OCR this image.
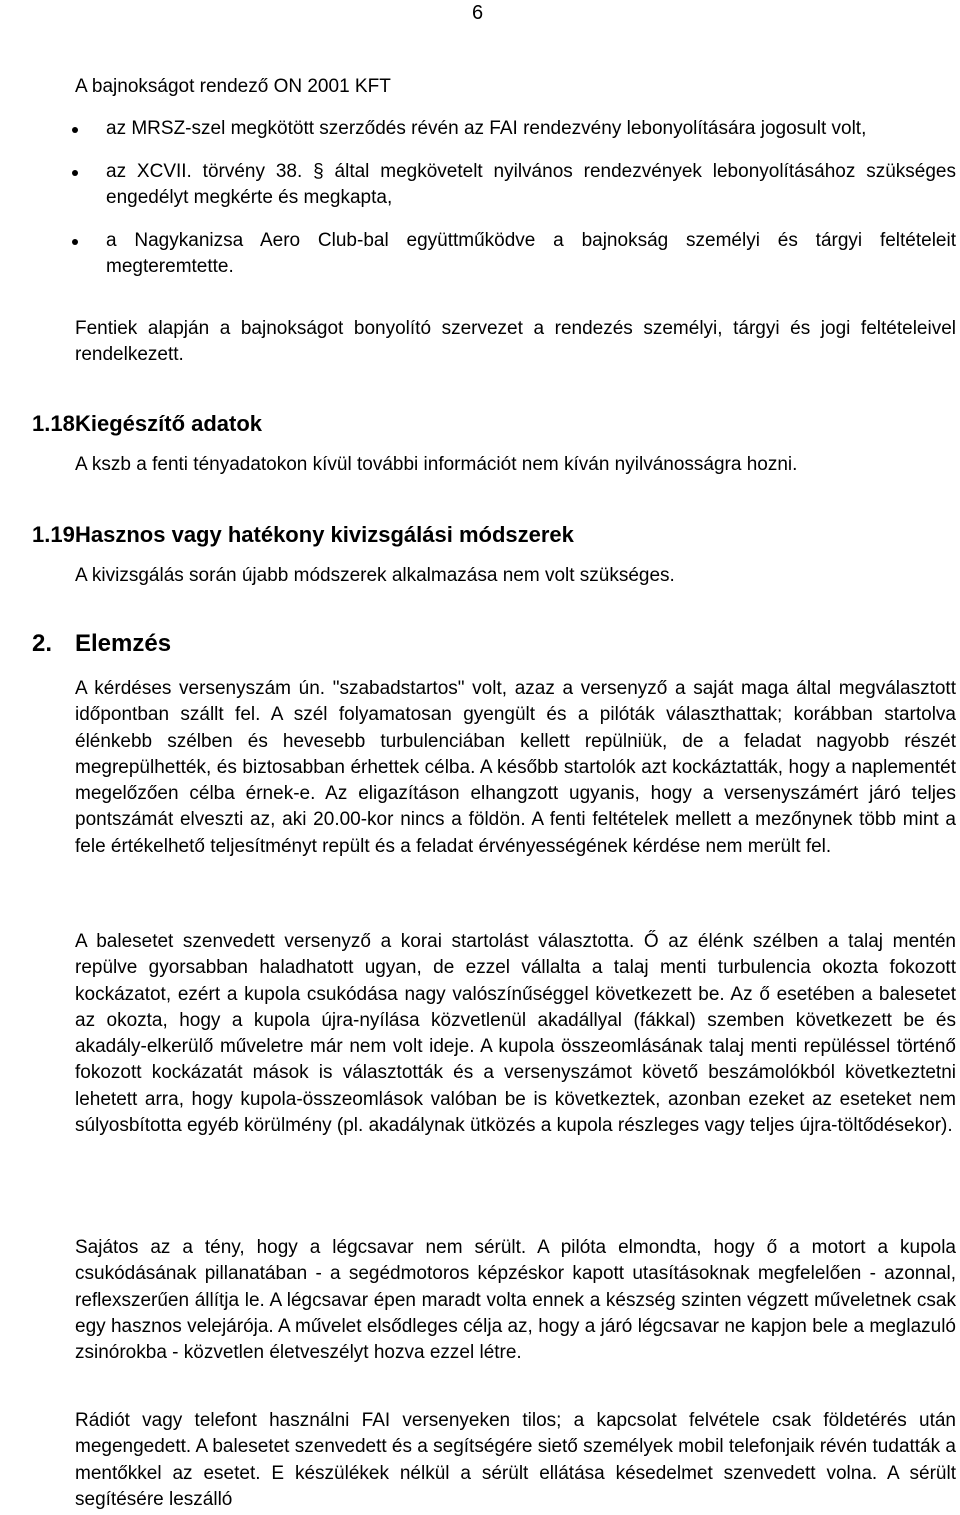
6
A bajnokságot rendező ON 2001 KFT
az MRSZ-szel megkötött szerződés révén az FAI rendezvény lebonyolítására jogosult volt,
az XCVII. törvény 38. § által megkövetelt nyilvános rendezvények lebonyolításához szükséges engedélyt megkérte és megkapta,
a Nagykanizsa Aero Club-bal együttműködve a bajnokság személyi és tárgyi feltételeit megteremtette.
Fentiek alapján a bajnokságot bonyolító szervezet a rendezés személyi, tárgyi és jogi feltételeivel rendelkezett.
1.18.Kiegészítő adatok
A kszb a fenti tényadatokon kívül további információt nem kíván nyilvánosságra hozni.
1.19.Hasznos vagy hatékony kivizsgálási módszerek
A kivizsgálás során újabb módszerek alkalmazása nem volt szükséges.
2. Elemzés
A kérdéses versenyszám ún. "szabadstartos" volt, azaz a versenyző a saját maga által megválasztott időpontban szállt fel. A szél folyamatosan gyengült és a pilóták választhattak; korábban startolva élénkebb szélben és hevesebb turbulenciában kellett repülniük, de a feladat nagyobb részét megrepülhették, és biztosabban érhettek célba. A később startolók azt kockáztatták, hogy a naplementét megelőzően célba érnek-e. Az eligazításon elhangzott ugyanis, hogy a versenyszámért járó teljes pontszámát elveszti az, aki 20.00-kor nincs a földön. A fenti feltételek mellett a mezőnynek több mint a fele értékelhető teljesítményt repült és a feladat érvényességének kérdése nem merült fel.
A balesetet szenvedett versenyző a korai startolást választotta. Ő az élénk szélben a talaj mentén repülve gyorsabban haladhatott ugyan, de ezzel vállalta a talaj menti turbulencia okozta fokozott kockázatot, ezért a kupola csukódása nagy valószínűséggel következett be. Az ő esetében a balesetet az okozta, hogy a kupola újra-nyílása közvetlenül akadállyal (fákkal) szemben következett be és akadály-elkerülő műveletre már nem volt ideje. A kupola összeomlásának talaj menti repüléssel történő fokozott kockázatát mások is választották és a versenyszámot követő beszámolókból következtetni lehetett arra, hogy kupola-összeomlások valóban be is következtek, azonban ezeket az eseteket nem súlyosbította egyéb körülmény (pl. akadálynak ütközés a kupola részleges vagy teljes újra-töltődésekor).
Sajátos az a tény, hogy a légcsavar nem sérült. A pilóta elmondta, hogy ő a motort a kupola csukódásának pillanatában - a segédmotoros képzéskor kapott utasításoknak megfelelően - azonnal, reflexszerűen állítja le. A légcsavar épen maradt volta ennek a készség szinten végzett műveletnek csak egy hasznos velejárója. A művelet elsődleges célja az, hogy a járó légcsavar ne kapjon bele a meglazuló zsinórokba - közvetlen életveszélyt hozva ezzel létre.
Rádiót vagy telefont használni FAI versenyeken tilos; a kapcsolat felvétele csak földetérés után megengedett. A balesetet szenvedett és a segítségére siető személyek mobil telefonjaik révén tudatták a mentőkkel az esetet. E készülékek nélkül a sérült ellátása késedelmet szenvedett volna. A sérült segítésére leszálló
